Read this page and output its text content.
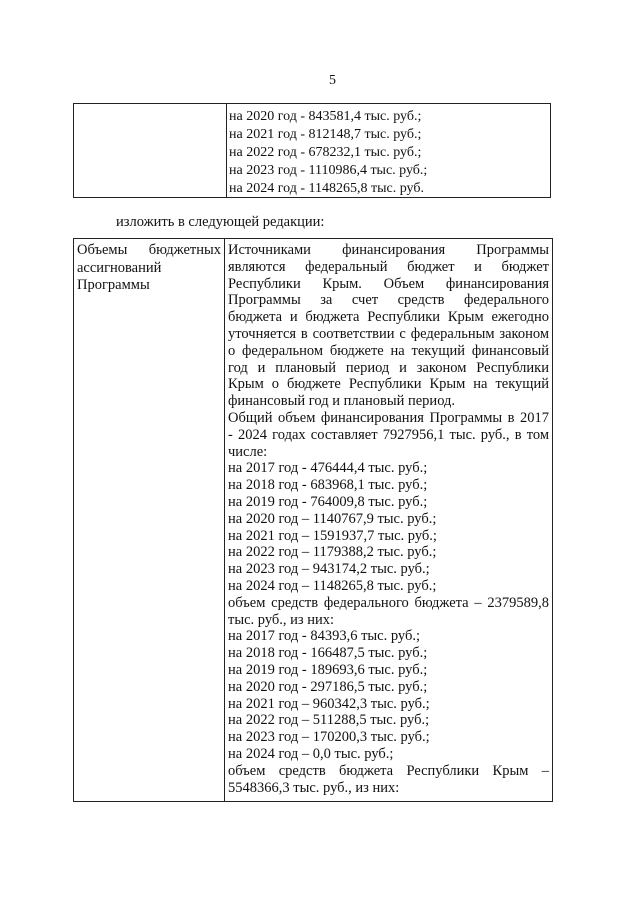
5
на 2020 год - 843581,4 тыс. руб.;
на 2021 год - 812148,7 тыс. руб.;
на 2022 год - 678232,1 тыс. руб.;
на 2023 год - 1110986,4 тыс. руб.;
на 2024 год - 1148265,8 тыс. руб.
изложить в следующей редакции:
Объемы бюджетных
ассигнований
Программы
Источниками финансирования Программы
являются федеральный бюджет и бюджет
Республики Крым. Объем финансирования
Программы за счет средств федерального
бюджета и бюджета Республики Крым ежегодно
уточняется в соответствии с федеральным законом
о федеральном бюджете на текущий финансовый
год и плановый период и законом Республики
Крым о бюджете Республики Крым на текущий
финансовый год и плановый период.
Общий объем финансирования Программы в 2017
- 2024 годах составляет 7927956,1 тыс. руб., в том
числе:
на 2017 год - 476444,4 тыс. руб.;
на 2018 год - 683968,1 тыс. руб.;
на 2019 год - 764009,8 тыс. руб.;
на 2020 год – 1140767,9 тыс. руб.;
на 2021 год – 1591937,7 тыс. руб.;
на 2022 год – 1179388,2 тыс. руб.;
на 2023 год – 943174,2 тыс. руб.;
на 2024 год – 1148265,8 тыс. руб.;
объем средств федерального бюджета – 2379589,8
тыс. руб., из них:
на 2017 год - 84393,6 тыс. руб.;
на 2018 год - 166487,5 тыс. руб.;
на 2019 год - 189693,6 тыс. руб.;
на 2020 год - 297186,5 тыс. руб.;
на 2021 год – 960342,3 тыс. руб.;
на 2022 год – 511288,5 тыс. руб.;
на 2023 год – 170200,3 тыс. руб.;
на 2024 год – 0,0 тыс. руб.;
объем средств бюджета Республики Крым –
5548366,3 тыс. руб., из них:
